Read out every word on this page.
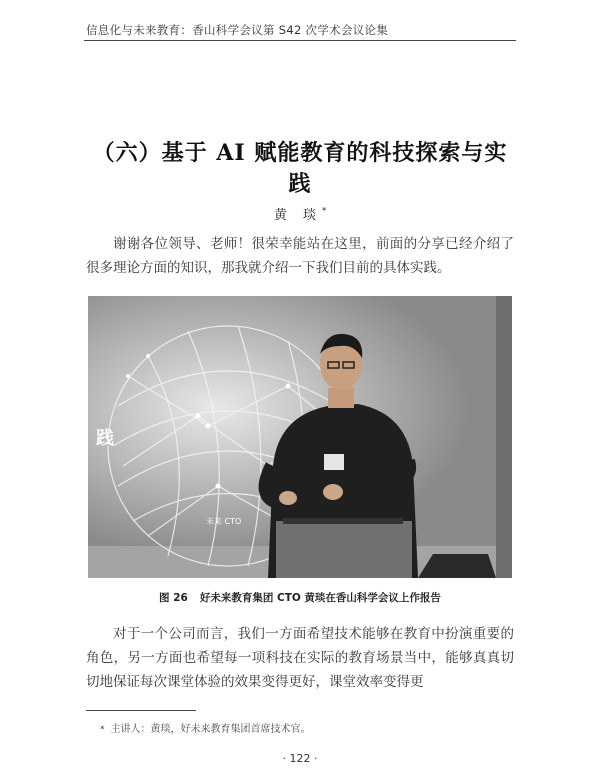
信息化与未来教育：香山科学会议第 S42 次学术会议论集
（六）基于 AI 赋能教育的科技探索与实践
黄 琰*
谢谢各位领导、老师！很荣幸能站在这里，前面的分享已经介绍了很多理论方面的知识，那我就介绍一下我们目前的具体实践。
践
未来 CTO
图 26 好未来教育集团 CTO 黄琰在香山科学会议上作报告
对于一个公司而言，我们一方面希望技术能够在教育中扮演重要的角色，另一方面也希望每一项科技在实际的教育场景当中，能够真真切切地保证每次课堂体验的效果变得更好，课堂效率变得更
* 主讲人：黄琰，好未来教育集团首席技术官。
· 122 ·
